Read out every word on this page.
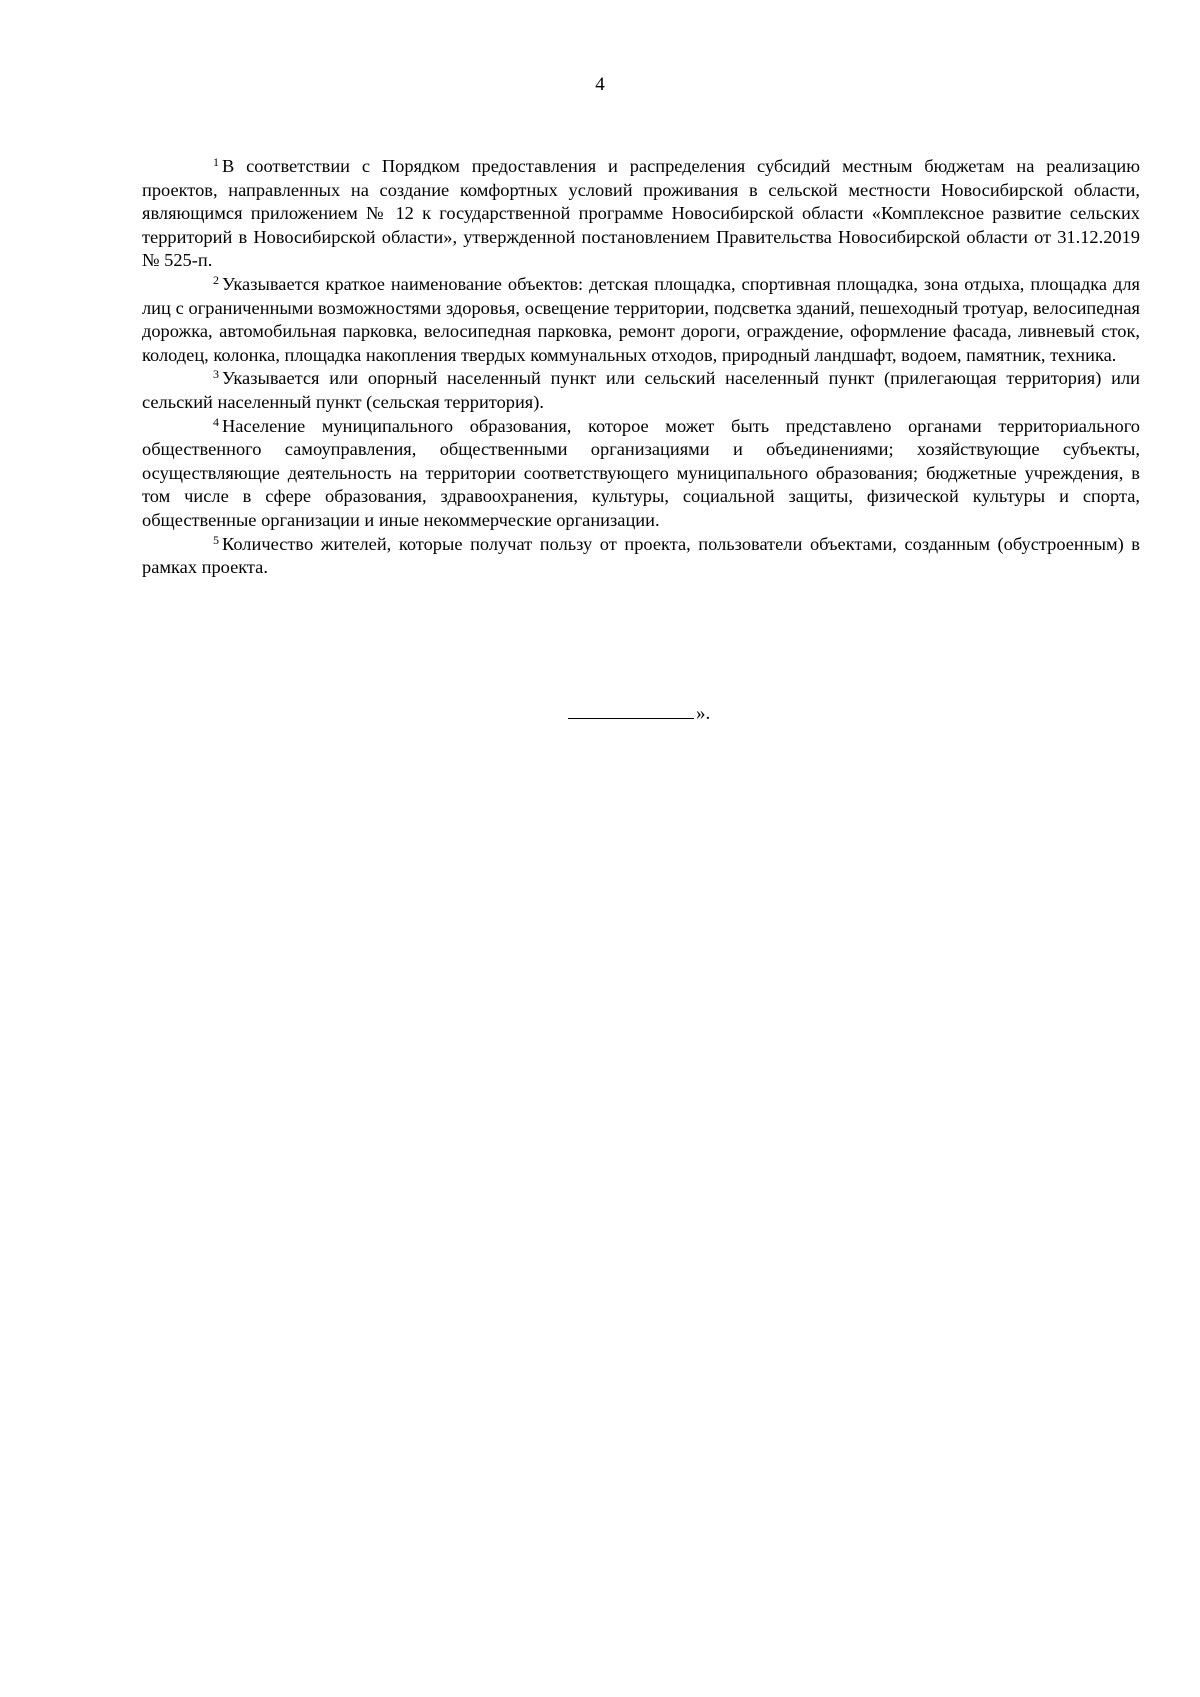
4

$^1$ В соответствии с Порядком предоставления и распределения субсидий местным бюджетам на реализацию проектов, направленных на создание комфортных условий проживания в сельской местности Новосибирской области, являющимся приложением № 12 к государственной программе Новосибирской области «Комплексное развитие сельских территорий в Новосибирской области», утвержденной постановлением Правительства Новосибирской области от 31.12.2019 № 525-п.

$^2$ Указывается краткое наименование объектов: детская площадка, спортивная площадка, зона отдыха, площадка для лиц с ограниченными возможностями здоровья, освещение территории, подсветка зданий, пешеходный тротуар, велосипедная дорожка, автомобильная парковка, велосипедная парковка, ремонт дороги, ограждение, оформление фасада, ливневый сток, колодец, колонка, площадка накопления твердых коммунальных отходов, природный ландшафт, водоем, памятник, техника.

$^3$ Указывается или опорный населенный пункт или сельский населенный пункт (прилегающая территория) или сельский населенный пункт (сельская территория).

$^4$ Население муниципального образования, которое может быть представлено органами территориального общественного самоуправления, общественными организациями и объединениями; хозяйствующие субъекты, осуществляющие деятельность на территории соответствующего муниципального образования; бюджетные учреждения, в том числе в сфере образования, здравоохранения, культуры, социальной защиты, физической культуры и спорта, общественные организации и иные некоммерческие организации.

$^5$ Количество жителей, которые получат пользу от проекта, пользователи объектами, созданным (обустроенным) в рамках проекта.

».
